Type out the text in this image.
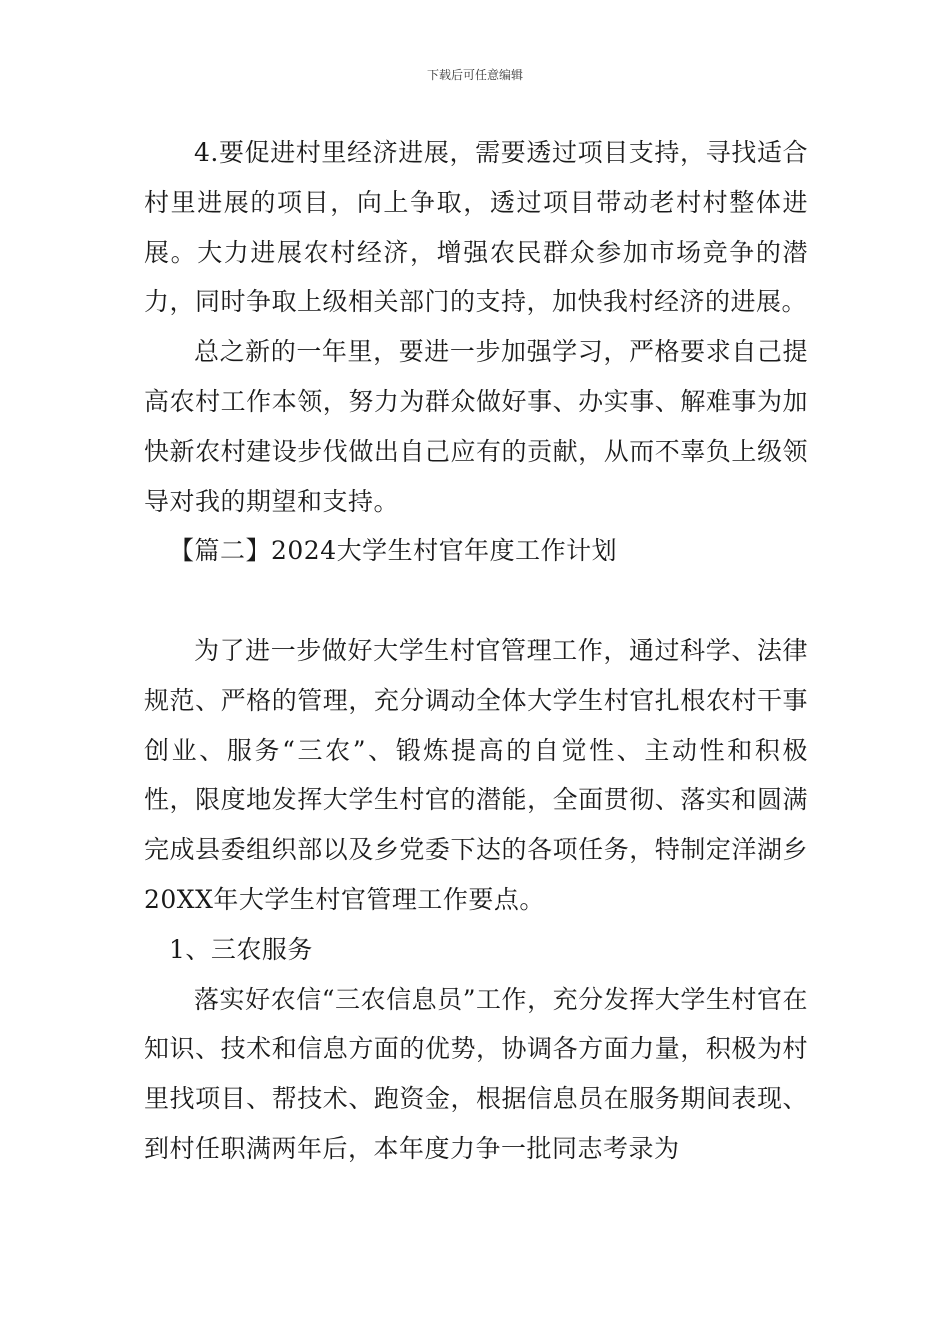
下载后可任意编辑

4.要促进村里经济进展，需要透过项目支持，寻找适合村里进展的项目，向上争取，透过项目带动老村村整体进展。大力进展农村经济，增强农民群众参加市场竞争的潜力，同时争取上级相关部门的支持，加快我村经济的进展。

总之新的一年里，要进一步加强学习，严格要求自己提高农村工作本领，努力为群众做好事、办实事、解难事为加快新农村建设步伐做出自己应有的贡献，从而不辜负上级领导对我的期望和支持。

【篇二】2024大学生村官年度工作计划

为了进一步做好大学生村官管理工作，通过科学、法律规范、严格的管理，充分调动全体大学生村官扎根农村干事创业、服务“三农”、锻炼提高的自觉性、主动性和积极性，限度地发挥大学生村官的潜能，全面贯彻、落实和圆满完成县委组织部以及乡党委下达的各项任务，特制定洋湖乡20XX年大学生村官管理工作要点。

1、三农服务

落实好农信“三农信息员”工作，充分发挥大学生村官在知识、技术和信息方面的优势，协调各方面力量，积极为村里找项目、帮技术、跑资金，根据信息员在服务期间表现、到村任职满两年后，本年度力争一批同志考录为
